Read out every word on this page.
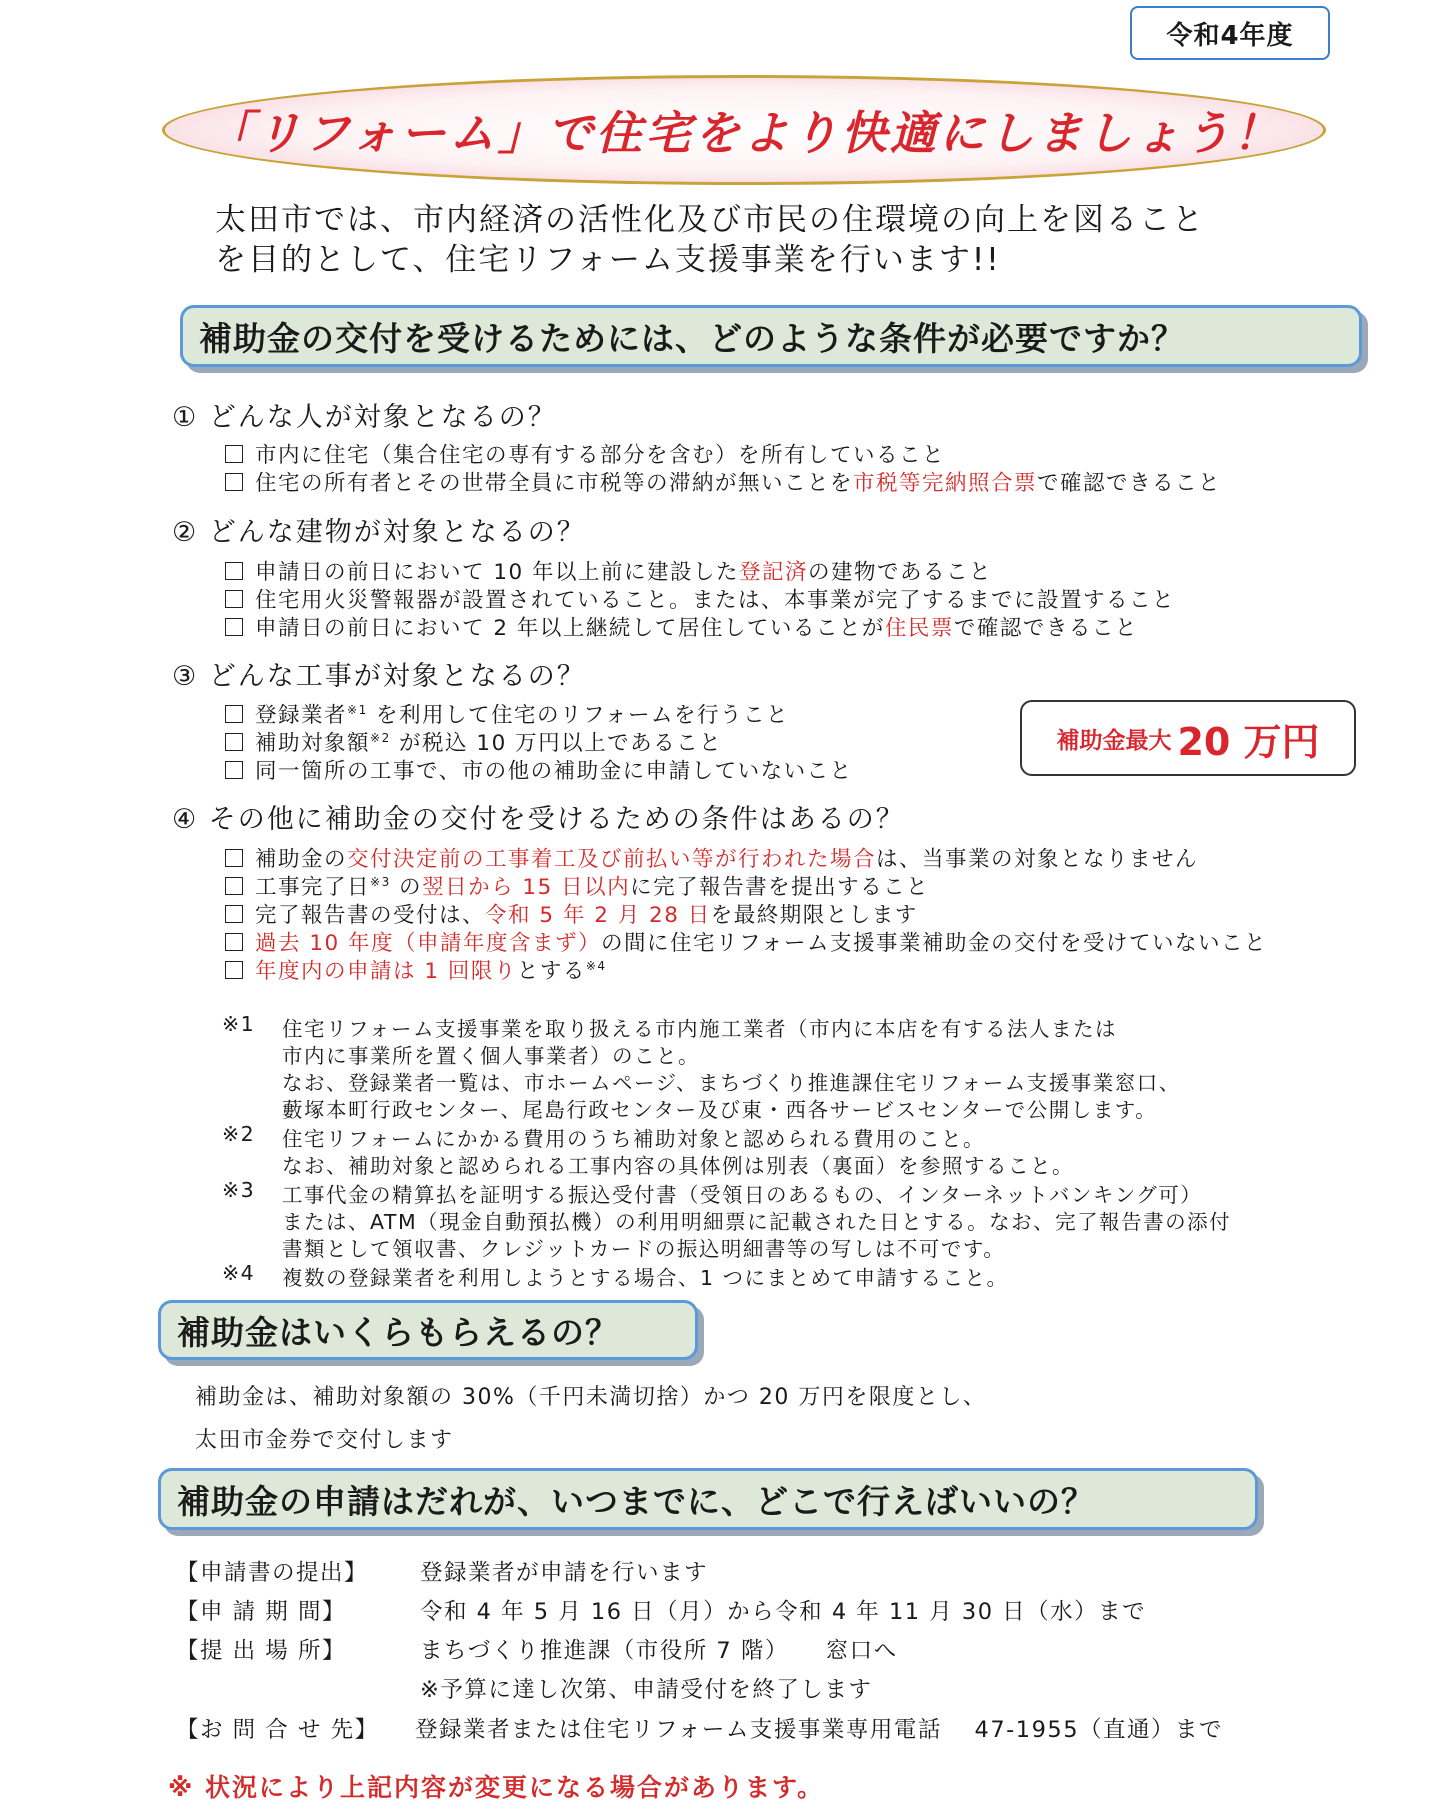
令和4年度
「リフォーム」で住宅をより快適にしましょう！
太田市では、市内経済の活性化及び市民の住環境の向上を図ること
を目的として、住宅リフォーム支援事業を行います!!
補助金の交付を受けるためには、どのような条件が必要ですか？
① どんな人が対象となるの？
市内に住宅（集合住宅の専有する部分を含む）を所有していること
住宅の所有者とその世帯全員に市税等の滞納が無いことを市税等完納照合票で確認できること
② どんな建物が対象となるの？
申請日の前日において 10 年以上前に建設した登記済の建物であること
住宅用火災警報器が設置されていること。または、本事業が完了するまでに設置すること
申請日の前日において 2 年以上継続して居住していることが住民票で確認できること
③ どんな工事が対象となるの？
登録業者$^{※1}$ を利用して住宅のリフォームを行うこと
補助対象額$^{※2}$ が税込 10 万円以上であること
同一箇所の工事で、市の他の補助金に申請していないこと
補助金最大 20 万円
④ その他に補助金の交付を受けるための条件はあるの？
補助金の交付決定前の工事着工及び前払い等が行われた場合は、当事業の対象となりません
工事完了日$^{※3}$ の翌日から 15 日以内に完了報告書を提出すること
完了報告書の受付は、令和 5 年 2 月 28 日を最終期限とします
過去 10 年度（申請年度含まず）の間に住宅リフォーム支援事業補助金の交付を受けていないこと
年度内の申請は 1 回限りとする$^{※4}$
※1 住宅リフォーム支援事業を取り扱える市内施工業者（市内に本店を有する法人または
市内に事業所を置く個人事業者）のこと。
なお、登録業者一覧は、市ホームページ、まちづくり推進課住宅リフォーム支援事業窓口、
藪塚本町行政センター、尾島行政センター及び東・西各サービスセンターで公開します。
※2 住宅リフォームにかかる費用のうち補助対象と認められる費用のこと。
なお、補助対象と認められる工事内容の具体例は別表（裏面）を参照すること。
※3 工事代金の精算払を証明する振込受付書（受領日のあるもの、インターネットバンキング可）
または、ATM（現金自動預払機）の利用明細票に記載された日とする。なお、完了報告書の添付
書類として領収書、クレジットカードの振込明細書等の写しは不可です。
※4 複数の登録業者を利用しようとする場合、1 つにまとめて申請すること。
補助金はいくらもらえるの？
補助金は、補助対象額の 30%（千円未満切捨）かつ 20 万円を限度とし、
太田市金券で交付します
補助金の申請はだれが、いつまでに、どこで行えばいいの？
【申請書の提出】 登録業者が申請を行います
【申 請 期 間】	令和 4 年 5 月 16 日（月）から令和 4 年 11 月 30 日（水）まで
【提 出 場 所】	まちづくり推進課（市役所 7 階）　　窓口へ
※予算に達し次第、申請受付を終了します
【お 問 合 せ 先】 登録業者または住宅リフォーム支援事業専用電話　 47-1955（直通）まで
※ 状況により上記内容が変更になる場合があります。
